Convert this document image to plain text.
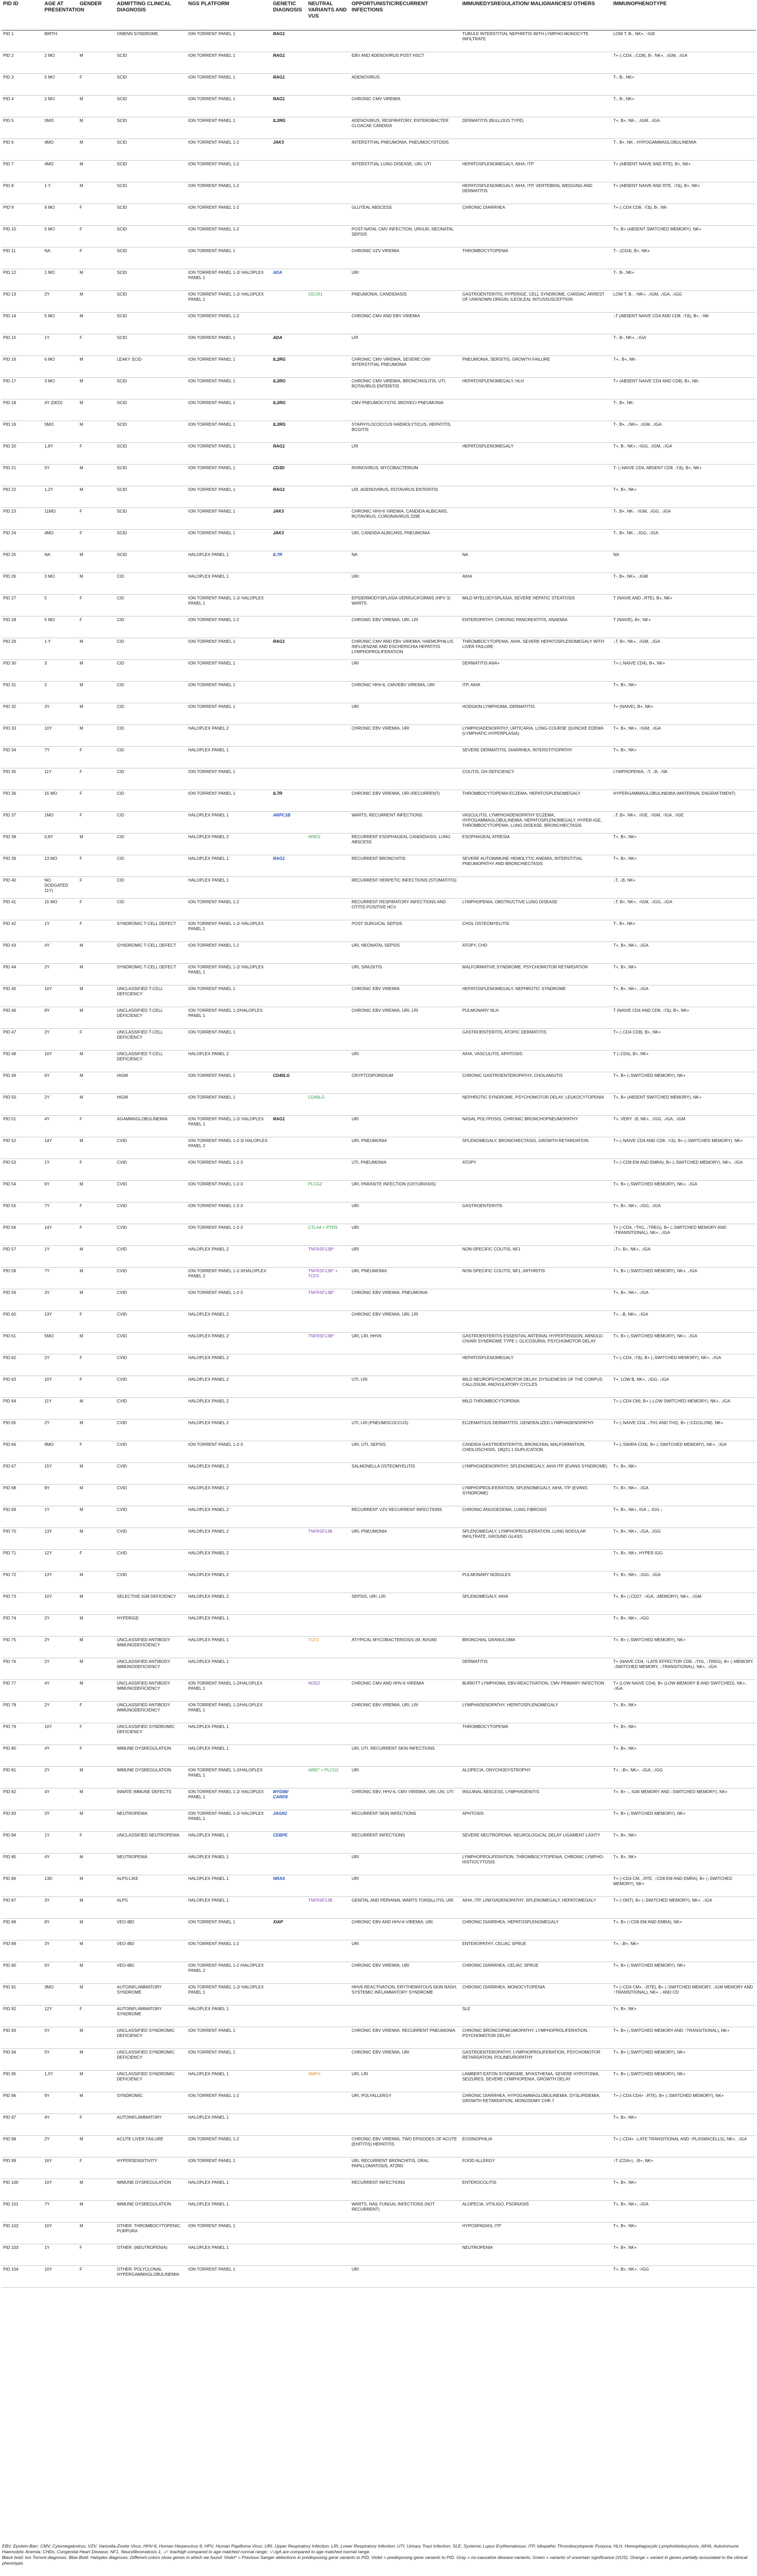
PID ID	AGE AT PRESENTATION	GENDER	ADMITTING CLINICAL DIAGNOSIS	NGS PLATFORM	GENETIC DIAGNOSIS	NEUTRAL VARIANTS AND VUS	OPPORTUNISTIC/RECURRENT INFECTIONS	IMMUNEDYSREGULATION/ MALIGNANCIES/ OTHERS	IMMUNOPHENOTYPE
PID 1	BIRTH		OMENN SYNDROME	ION TORRENT PANEL 1	RAG1			TUBULE INTERSTITIAL NEPHRITIS WITH LYMPHO-MONOCYTE INFILTRATE	LOW T, B-, NK+, ↑IGE
PID 2	2 MO	M	SCID	ION TORRENT PANEL 1	RAG1		EBV AND ADENOVIRUS POST HSCT		T+ (↓CD4, ↓CD8), B-, NK+, ↓IGM, ↓IGA
PID 3	5 MO	F	SCID	ION TORRENT PANEL 1	RAG1		ADENOVIRUS		T-, B-, NK+
PID 4	2 MO	M	SCID	ION TORRENT PANEL 1	RAG1		CHRONIC CMV VIREMIA		T-, B-, NK+
PID 5	5MO	M	SCID	ION TORRENT PANEL 1	IL2RG		ADENOVIRUS, RESPIRATORY, ENTEROBACTER CLOACAE CANDIDA	DERMATITIS (BULLOUS TYPE)	T+, B+, NK-, ↓IGM, ↓IGA
PID 6	4MO	M	SCID	ION TORRENT PANEL 1-2	JAK3		INTERSTITIAL PNEUMONIA, PNEUMOCYSTOSIS		T-, B+, NK-, HYPOGAMMAGLOBULINEMIA
PID 7	4MO	M	SCID	ION TORRENT PANEL 1-2			INTERSTITIAL LUNG DISEASE, URI, UTI	HEPATOSPLENOMEGALY, AIHA, ITP	T+ (ABSENT NAIVE AND RTE), B+, NK+
PID 8	1 Y	M	SCID	ION TORRENT PANEL 1-2				HEPATOSPLENOMEGALY, AIHA, ITP, VERTEBRAL WEDGING AND DERMATITIS	T+ (ABSENT NAIVE AND RTE, ↑ΓΔ), B+, NK+
PID 9	9 MO	F	SCID	ION TORRENT PANEL 1-2			GLUTEAL ABSCESS	CHRONIC DIARRHEA	T+ (↓CD4 CD8, ↑ΓΔ), B-, NK-
PID 10	5 MO	F	SCID	ION TORRENT PANEL 1-2			POST-NATAL CMV INFECTION, URI/LRI, NEONATAL SEPSIS		T+, B+ (ABSENT SWITCHED MEMORY), NK+
PID 11	NA	F	SCID	ION TORRENT PANEL 1			CHRONIC VZV VIREMIA	THROMBOCYTOPENIA	T- ↓(CD4), B+, NK+
PID 12	1 MO	M	SCID	ION TORRENT PANEL 1-2/ HALOPLEX PANEL 1	ADA		URI		T-, B-, NK+
PID 13	2Y	M	SCID	ION TORRENT PANEL 1-2/ HALOPLEX PANEL 1		CECR1	PNEUMONIA, CANDIDIASIS	GASTROENTERITIS, HYPERIGE, CELL SYNDROME, CARDIAC ARREST OF UNKNOWN ORIGIN, ILEOILEAL INTUSSUSCEPTION	LOW T, B-, ↑NK+, ↓IGM, ↓IGA, ↓IGG
PID 14	5 MO	M	SCID	ION TORRENT PANEL 1-2			CHRONIC CMV AND EBV VIREMIA		↓T (ABSENT NAIVE CD4 AND CD8, ↑ΓΔ), B+, ↑NK
PID 15	1Y	F	SCID	ION TORRENT PANEL 1	ADA		LRI		T-, B-, NK+, ↓IGA
PID 16	6 MO	M	LEAKY SCID	ION TORRENT PANEL 1	IL2RG		CHRONIC CMV VIREMIA, SEVERE CMV INTERSTITIAL PNEUMONIA	PNEUMONIA, SERSITIS, GROWTH FAILURE	T+↓ B+, NK-
PID 17	3 MO	M	SCID	ION TORRENT PANEL 1	IL2RG		CHRONIC CMV VIREMIA, BRONCHIOLITIS, UTI, ROTAVIRUS ENTERITIS	HEPATOSPLENOMEGALY, HLH	T+ (ABSENT NAIVE CD4 AND CD8), B+, NK-
PID 18	4Y (DED)	M	SCID	ION TORRENT PANEL 1	IL2RG		CMV PNEUMOCYSTIS JIROVECI PNEUMONIA		T-, B+, NK-
PID 19	5MO	M	SCID	ION TORRENT PANEL 1	IL2RG		STAPHYLOCOCCUS HAEMOLYTICUS, HEPATITIS, BCGITIS		T-, B+, ↓NK+, ↓IGM, ↓IGA
PID 20	1,8Y	F	SCID	ION TORRENT PANEL 1	RAG1		LRI	HEPATOSPLENOMEGALY	T+, B-, NK+, ↑IGG, ↓IGM, ↓IGA
PID 21	5Y	M	SCID	ION TORRENT PANEL 1	CD3D		RHINOVIRUS, MYCOBACTERIUM		T- (↓NAIVE CD4, ABSENT CD8, ↑ΓΔ), B+, NK+
PID 22	1,2Y	M	SCID	ION TORRENT PANEL 1	RAG1		LRI, ADENOVIRUS, ROTAVIRUS ENTERITIS		T+, B+, NK+
PID 23	11MO	F	SCID	ION TORRENT PANEL 1	JAK3		CHRONIC HHV-6 VIREMIA, CANDIDA ALBICANS, ROTAVIRUS, CORONAVIRUS 229E		T-, B+, NK-, ↑IGM, ↓IGG, ↓IGA
PID 24	4MO	F	SCID	ION TORRENT PANEL 1	JAK3		URI, CANDIDA ALBICANS, PNEUMONIA		T-, B+, NK-, ↓IGG, ↓IGA
PID 25	NA	M	SCID	HALOPLEX PANEL 1	IL7R		NA	NA	NA
PID 26	3 MO	M	CID	HALOPLEX PANEL 1			URI	AIHA	T-, B+, NK+, ↓IGM
PID 27	5	F	CID	ION TORRENT PANEL 1-2/ HALOPLEX PANEL 1			EPIDERMODYSPLASIA VERRUCIFORMIS (HPV 3) WARTS	MILD MYELODYSPLASIA, SEVERE HEPATIC STEATOSIS	T (NAIVE AND ↓RTE), B+, NK+
PID 28	5 MO	F	CID	ION TORRENT PANEL 1-2			CHRONIC EBV VIREMIA, URI, LRI	ENTEROPATHY, CHRONIC PANCREATITIS, ANAEMIA	T (NAIVE), B+, NK+
PID 29	1 Y	M	CID	ION TORRENT PANEL 1	RAG1		CHRONIC CMV AND EBV VIREMIA, HAEMOPHILUS INFLUENZAE AND ESCHERICHIA HEPATITIS LYMPHOPROLIFERATION	THROMBOCYTOPENIA, AIHA, SEVERE HEPATOSPLENOMEGALY WITH LIVER FAILURE	↓T, B+, NK+, ↓IGM, ↓IGA
PID 30	3	M	CID	ION TORRENT PANEL 1			URI	DERMATITIS ANA+	T+ (↓NAIVE CD4), B+, NK+
PID 31	2	M	CID	ION TORRENT PANEL 1			CHRONIC HHV-6, CMV/EBV VIREMIA, URI	ITP, AIHA	T+, B+, NK+
PID 32	3Y	M	CID	ION TORRENT PANEL 1			URI	HODGKIN LYMPHOMA, DERMATITIS	T+ (NAIVE), B+, NK+
PID 33	10Y	M	CID	HALOPLEX PANEL 2			CHRONIC EBV VIREMIA, URI	LYMPHOADENOPATHY, URTICARIA, LONG-COURSE QUINCKE EDEMA (LYMPHATIC HYPERPLASIA)	T+, B+, NK+, ↑IGM, ↓IGA
PID 34	7Y	F	CID	HALOPLEX PANEL 1				SEVERE DERMATITIS, DIARRHEA, INTERSTITIOPATHY	T+, B+, NK+
PID 35	11Y	F	CID	ION TORRENT PANEL 1				COLITIS, GH DEFICIENCY	LYMPHOPENIA, ↓T, ↓B, ↓NK
PID 36	15 MO	F	CID	ION TORRENT PANEL 1	IL7R		CHRONIC EBV VIREMIA, URI (RECURRENT)	THROMBOCYTOPENIA ECZEMA, HEPATOSPLENOMEGALY	HYPERGAMMAGLOBULINEMIA (MATERNAL ENGRAFTMENT)
PID 37	1MO	F	CID	HALOPLEX PANEL 1	ARPC1B		WARTS, RECURRENT INFECTIONS	VASCULITIS, LYMPHOADENOPATHY ECZEMA, HYPOGAMMAGLOBULINEMIA, HEPATOSPLENOMEGALY, HYPER-IGE, THROMBOCYTOPENIA, LUNG DISEASE, BRONCHIECTASIS	↓T, B+, NK+, ↑IGE, ↑IGM, ↑IGA, ↑IGE
PID 38	0,8Y	M	CID	HALOPLEX PANEL 2		ARID1	RECURRENT ESOPHAGEAL CANDIDIASIS, LUNG ABSCESS	ESOPHAGEAL ATRESIA	T+, B+, NK+
PID 39	13 MO	F	CID	HALOPLEX PANEL 1	RAG1		RECURRENT BRONCHITIS	SEVERE AUTOIMMUNE HEMOLYTIC ANEMIA, INTERSTITIAL PNEUMOPATHY AND BRONCHIECTASIS	T+, B+, NK+
PID 40	NO DODGATED 11Y)	F	CID	HALOPLEX PANEL 1			RECURRENT HERPETIC INFECTIONS (STOMATITIS)		↓T, ↓B, NK+
PID 41	15 MO	F	CID	ION TORRENT PANEL 1-2			RECURRENT RESPIRATORY INFECTIONS AND OTITIS POSITIVE HCV	LYMPHOPENIA, OBSTRUCTIVE LUNG DISEASE	↓T, B+, NK+, ↑IGM, ↓IGG, ↓IGA
PID 42	1Y	F	SYNDROMIC T-CELL DEFECT	ION TORRENT PANEL 1-2/ HALOPLEX PANEL 1			POST SURGICAL SEPSIS	CHOL OSTEOMYELITIS	T-, B+, NK+
PID 43	4Y	M	SYNDROMIC T-CELL DEFECT	ION TORRENT PANEL 1-2			URI, NEONATAL SEPSIS	ATOPY, CHD	T+, B+, NK+, ↓IGA
PID 44	2Y	M	SYNDROMIC T-CELL DEFECT	ION TORRENT PANEL 1-2/ HALOPLEX PANEL 1			URI, SINUSITIS	MALFORMATIVE SYNDROME, PSYCHOMOTOR RETARDATION	T+, B+, NK+
PID 45	10Y	M	UNCLASSIFIED T-CELL DEFICIENCY	ION TORRENT PANEL 1			CHRONIC EBV VIREMIA	HEPATOSPLENOMEGALY, NEPHROTIC SYNDROME	T+, B+, NK+, ↓IGA
PID 46	8Y	M	UNCLASSIFIED T-CELL DEFICIENCY	ION TORRENT PANEL 1-2/HALOPLEX PANEL 1			CHRONIC EBV VIREMIA, URI, LRI	PULMONARY NLH	T (NAIVE CD4 AND CD8, ↑ΓΔ), B+, NK+
PID 47	2Y	F	UNCLASSIFIED T-CELL DEFICIENCY	ION TORRENT PANEL 1				GASTROENTERITIS, ATOPIC DERMATITIS	T+ (↓CD4 CD8), B+, NK+
PID 48	10Y	M	UNCLASSIFIED T-CELL DEFICIENCY	HALOPLEX PANEL 2			URI	AIHA, VASCULITIS, APHTOSIS	T (↓CD4), B+, NK+
PID 49	6Y	M	HIGM	ION TORRENT PANEL 1	CD40LG		CRYPTOSPORIDIUM	CHRONIC GASTROENTEROPATHY, CHOLANGITIS	T+, B+ (↓SWITCHED MEMORY), NK+
PID 50	2Y	M	HIGM	ION TORRENT PANEL 1		CD40LG		NEPHROTIC SYNDROME, PSYCHOMOTOR DELAY, LEUKOCYTOPENIA	T+, B+ (ABSENT SWITCHED MEMORY), NK+
PID 51	4Y	F	AGAMMAGLOBULINEMIA	ION TORRENT PANEL 1-2/ HALOPLEX PANEL 1	RAG1		URI	NASAL POLYPOSIS, CHRONIC BRONCHOPNEUMOPATHY	T+, VERY ↓B, NK+, ↓IGG, ↓IGA, ↓IGM
PID 52	14Y	M	CVID	ION TORRENT PANEL 1-2-3/ HALOPLEX PANEL 2			URI, PNEUMONIA	SPLENOMEGALY, BRONCHIECTASIS, GROWTH RETARDATION	T+ (↓NAIVE CD4 AND CD8, ↑ΓΔ), B+ (↓SWITCHED MEMORY), NK+
PID 53	1Y	F	CVID	ION TORRENT PANEL 1-2-3			UTI, PNEUMONIA	ATOPY	T+ (↑CD8 EM AND EMRA), B+ (↓SWITCHED MEMORY), NK+, ↓IGA
PID 54	6Y	M	CVID	ION TORRENT PANEL 1-2-3		PLCG2	URI, PARASITE INFECTION (OXYURIASIS)		T+, B+ (↓SWITCHED MEMORY), NK+, ↓IGA
PID 55	7Y	F	CVID	ION TORRENT PANEL 1-2-3			URI	GASTROENTERITIS	T+, B+, NK+, ↓IGG, ↓IGA
PID 56	14Y	F	CVID	ION TORRENT PANEL 1-2-3		CTLA4 + PTEN	URI		T+ (↑CD4, ↑TH1, ↓TREG), B+ (↓SWITCHED MEMORY AND ↑TRANSITIONAL), NK+, ↓IGA
PID 57	1Y	M	CVID	HALOPLEX PANEL 2		TNFRSF13B*	URI	NON-SPECIFIC COLITIS, NF1	↓T+, B+, NK+, ↓IGA
PID 58	7Y	M	CVID	ION TORRENT PANEL 1-2-3/HALOPLEX PANEL 2		TNFRSF13B* + TCF3	URI, PNEUMONIA	NON-SPECIFIC COLITIS, NF1, ARTHRITIS	T+, B+ (↓SWITCHED MEMORY), NK+, ↓IGA
PID 59	3Y	M	CVID	ION TORRENT PANEL 1-2-3		TNFRSF13B*	CHRONIC EBV VIREMIA, PNEUMONIA		T+, B+, NK+, ↓IGA
PID 60	13Y	F	CVID	HALOPLEX PANEL 2			CHRONIC EBV VIREMIA, URI, LRI		T+, ↓B, NK+, ↓IGA
PID 61	5MO	M	CVID	HALOPLEX PANEL 2		TNFRSF13B*	URI, LRI, HHV6	GASTROENTERITIS ESSENTIAL ARTERIAL HYPERTENSION, ARNOLD-CHIARI SYNDROME TYPE I, GLICOSURIA, PSYCHOMOTOR DELAY	T+, B+ (↓SWITCHED MEMORY), NK+, ↓IGA
PID 62	2Y	F	CVID	HALOPLEX PANEL 2				HEPATOSPLENOMEGALY	T+ (↓CD4, ↑ΓΔ), B+ (↓SWITCHED MEMORY), NK+, ↓IGA
PID 63	10Y	F	CVID	HALOPLEX PANEL 2			UTI, LRI	MILD NEUROPSYCHOMOTOR DELAY, DYSGENESIS OF THE CORPUS CALLOSUM, ANOVULATORY CYCLES	T+, LOW B, NK+, ↓IGG, ↓IGA
PID 64	11Y	M	CVID	HALOPLEX PANEL 2				MILD THROMBOCYTOPENIA	T+ (↓CD4 CM), B+ (↓LOW SWITCHED MEMORY), NK+, ↓IGA
PID 65	2Y	M	CVID	HALOPLEX PANEL 2			UTI, LRI (PNEUMOCOCCUS)	ECZEMATOUS DERMATITIS, GENERALIZED LYMPHADENOPATHY	T+ (↓NAIVE CD4, ↓TH1 AND TH2), B+ (↑CD21LOW), NK+
PID 66	9MO	F	CVID	ION TORRENT PANEL 1-2-3			URI, UTI, SEPSIS	CANDIDA GASTROENTERITIS, BRONCHIAL MALFORMATION, CHEILOSCHISIS, 18Q21.1 DUPLICATION	T+ (↓SWIRA CD4), B+ (↓SWITCHED MEMORY), NK+, ↓IGA
PID 67	15Y	M	CVID	HALOPLEX PANEL 2			SALMONELLA OSTEOMYELITIS	LYMPHOADENOPATHY, SPLENOMEGALY, AIHA ITP (EVANS SYNDROME)	T+, B+, NK+
PID 68	9Y	M	CVID	HALOPLEX PANEL 2				LYMPHOPROLIFERATION, SPLENOMEGALY, AIHA, ITP (EVANS SYNDROME)	T+, B+, NK+, ↓IGA
PID 69	1Y	M	CVID	HALOPLEX PANEL 2			RECURRENT VZV RECURRENT INFECTIONS	CHRONIC ANGIOEDEMA, LUNG FIBROSIS	T+, B+, NK+, IGA ↓, IGG ↓
PID 70	13Y	M	CVID	HALOPLEX PANEL 2		TNFRSF13B	URI, PNEUMONIA	SPLENOMEGALY, LYMPHOPROLIFERATION, LUNG NODULAR INFILTRATE, GROUND GLASS	T+, B+, NK+, ↓IGA, ↓IGG
PID 71	12Y	F	CVID	HALOPLEX PANEL 2					T+, B+, NK+, HYPER IGG
PID 72	13Y	M	CVID	HALOPLEX PANEL 2				PULMONARY NODULES	T+, B+, NK+, ↓IGG, ↓IGA
PID 73	10Y	M	SELECTIVE IGM DEFICIENCY	HALOPLEX PANEL 2			SEPSIS, URI, LRI	SPLENOMEGALY, AIHA	T+, B+ (↓CD27, ↑IGA, ↓MEMORY), NK+, ↓IGM
PID 74	2Y	M	HYPERIGE	HALOPLEX PANEL 1					T+, B+, NK+, ↓IGG
PID 75	2Y	M	UNCLASSIFIED ANTIBODY IMMUNODEFICIENCY	HALOPLEX PANEL 1		TCF3	ATYPICAL MYCOBACTERIOSIS (M. AVIUM)	BRONCHIAL GRANULOMA	T+, B+ (↓SWITCHED MEMORY), NK+
PID 76	2Y	M	UNCLASSIFIED ANTIBODY IMMUNODEFICIENCY	HALOPLEX PANEL 1				DERMATITIS	T+ (NAIVE CD4, ↑LATE EFFECTOR CD8, ↓TH1, ↓TREG), B+ (↓MEMORY, ↓SWITCHED MEMORY, ↓TRANSITIONAL), NK+, ↓IGA
PID 77	4Y	M	UNCLASSIFIED ANTIBODY IMMUNODEFICIENCY	ION TORRENT PANEL 1-2/HALOPLEX PANEL 1		NOD2	CHRONIC CMV AND HHV-6 VIREMIA	BURKITT LYMPHOMA, EBV-REACTIVATION, CMV PRIMARY INFECTION	T+ (LOW NAIVE CD4), B+ (LOW MEMORY B AND SWITCHED), NK+, ↓IGA
PID 78	2Y	F	UNCLASSIFIED ANTIBODY IMMUNODEFICIENCY	ION TORRENT PANEL 1-2/HALOPLEX PANEL 1			CHRONIC EBV VIREMIA, URI, LRI	LYMPHADENOPATHY, HEPATOSPLENOMEGALY	T+, B+, NK+
PID 79	10Y	F	UNCLASSIFIED SYNDROMIC DEFICIENCY	HALOPLEX PANEL 1				THROMBOCYTOPENIA	T+, B+, NK+
PID 80	4Y	F	IMMUNE DYSREGULATION	HALOPLEX PANEL 1			URI, UTI, RECURRENT SKIN INFECTIONS		T+, B+, NK+
PID 81	2Y	M	IMMUNE DYSREGULATION	ION TORRENT PANEL 1-2/HALOPLEX PANEL 1		AIRE* + PLCG2	URI	ALOPECIA, ONYCHODYSTROPHY	T+, ↓B+, NK+, ↓IGA, ↓IGG
PID 82	4Y	M	INNATE IMMUNE DEFECTS	ION TORRENT PANEL 1-2/ HALOPLEX PANEL 1	MYD88/ CARD9		CHRONIC EBV, HHV-6, CMV VIREMIA, URI, LRI, UTI	INGUINAL ABSCESS, LYMPHADENITIS	T+, B+ ↓, IGM MEMORY AND ↓SWITCHED MEMORY), NK+
PID 83	3Y	M	NEUTROPENIA	ION TORRENT PANEL 1-2/ HALOPLEX PANEL 1	JAGN1		RECURRENT SKIN INFECTIONS	APHTOSIS	T+, B+ (↓SWITCHED MEMORY), NK+
PID 84	1Y	F	UNCLASSIFIED NEUTROPENIA	HALOPLEX PANEL 1	CEBPE		RECURRENT INFECTIONS	SEVERE NEUTROPENIA, NEUROLOGICAL DELAY LIGAMENT LAXITY	T+, B+, NK+
PID 85	4Y	M	NEUTROPENIA	HALOPLEX PANEL 1			URI	LYMPHOPROLIFERATION, THROMBOCYTOPENIA, CHRONIC LYMPHO-HISTIOCYTOSIS	T+, B+, NK+
PID 86	13D	M	ALPS-LIKE	HALOPLEX PANEL 1	NRAS		URI		T+ (↑CD4 CM, ↓RTE, ↑CD8 EM AND EMRA), B+ (↓SWITCHED MEMORY), NK+
PID 87	3Y	M	ALPS	HALOPLEX PANEL 1		TNFRSF13B	GENITAL AND PERIANAL WARTS TONSILLITIS, URI	AIHA, ITP, LINFOADENOPATHY, SPLENOMEGALY, HEPATOMEGALY	T+ (↑DNT), B+ (↓SWITCHED MEMORY), NK+, ↓IGA
PID 88	8Y	M	VEO-IBD	ION TORRENT PANEL 1	XIAP		CHRONIC EBV AND HHV-6 VIREMIA, URI	CHRONIC DIARRHEA, HEPATOSPLENOMEGALY	T+, B+ (↑CD8 EM AND EMRA), NK+
PID 89	3Y	M	VEO-IBD	ION TORRENT PANEL 1-2			URI	ENTEROPATHY, CELIAC SPRUE	T+, ↓B+, NK+
PID 90	6Y	M	VEO-IBD	ION TORRENT PANEL 1-2 /HALOPLEX PANEL 2			CHRONIC EBV VIREMIA, URI	CHRONIC DIARRHEA, CELIAC SPRUE	T+, B+ (↓SWITCHED MEMORY), NK+
PID 91	3MO	M	AUTOINFLAMMATORY SYNDROME	ION TORRENT PANEL 1-2/ HALOPLEX PANEL 1			HHV6 REACTIVATION, ERYTHEMATOUS SKIN RASH, SYSTEMIC INFLAMMATORY SYNDROME	CHRONIC DIARRHEA, MONOCYTOPENIA	T+ (↑CD4 CM+, ↓RTE), B+ (↓SWITCHED MEMORY, ↓IGM MEMORY AND ↑TRANSITIONAL), NK+ ↓ AND CD
PID 92	12Y	F	AUTOINFLAMMATORY SYNDROME	HALOPLEX PANEL 1				SLE	T+, B+, NK+
PID 93	5Y	M	UNCLASSIFIED SYNDROMIC DEFICIENCY	ION TORRENT PANEL 1			CHRONIC EBV VIREMIA, RECURRENT PNEUMONIA	CHRONIC BRONCOPNEUMOPATHY, LYMPHOPROLIFERATION, PSYCHOMOTOR DELAY	T+, B+ (↓SWITCHED MEMORY AND ↑TRANSITIONAL), NK+
PID 94	5Y	M	UNCLASSIFIED SYNDROMIC DEFICIENCY	ION TORRENT PANEL 1			CHRONIC EBV VIREMIA, URI	GASTROENTEROPATHY, LYMPHOPROLIFERATION, PSYCHOMOTOR RETARDATION, POLINEUROPATHY	T+, B+ (↓SWITCHED MEMORY), NK+
PID 95	1,5Y	M	UNCLASSIFIED SYNDROMIC DEFICIENCY	HALOPLEX PANEL 1		SMPH	URI, LRI	LAMBERT-EATON SYNDROME, MYASTHENIA, SEVERE HYPOTONIA, SEIZURES, SEVERE LYMPHOPENIA, GROWTH DELAY	T+, B+ (↓SWITCHED MEMORY), NK+
PID 96	9Y	M	SYNDROMIC	ION TORRENT PANEL 1-2			URI, POLYALLERGY	CHRONIC DIARRHEA, HYPOGAMMAGLOBULINEMIA, DYSLIPIDEMIA, GROWTH RETARDATION, MONOSOMY CHR 7	T+ (↑CD4 CD4+ ↓RTE), B+ (↓SWITCHED MEMORY), NK+
PID 97	4Y	F	AUTOINFLAMMATORY	HALOPLEX PANEL 1					T+, B+, NK+
PID 98	2Y	M	ACUTE LIVER FAILURE	ION TORRENT PANEL 1-2			CHRONIC EBV VIREMIA, TWO EPISODES OF ACUTE (EHITITIS) HEPATITIS	EOSINOPHILIA	T+ (↓CD4+ ↓LATE TRANSITIONAL AND ↑PLASMACELLS), NK+, ↓IGA
PID 99	16Y	F	HYPERSENSITIVITY	ION TORRENT PANEL 1			URI, RECURRENT BRONCHITIS, ORAL PAPILLOMATOSIS, AT2RD	FOOD ALLERGY	↑T (CD4+), ↓B+, NK+
PID 100	10Y	M	IMMUNE DYSREGULATION	HALOPLEX PANEL 1			RECURRENT INFECTIONS	ENTEROCOLITIS	T+, B+, NK+
PID 101	7Y	M	IMMUNE DYSREGULATION	HALOPLEX PANEL 1			WARTS, NAIL FUNGAL INFECTIONS (NOT RECURRENT)	ALOPECIA, VITILIGO, PSORIASIS	T+, B+, NK+, ↓IGA
PID 102	10Y	M	OTHER: THROMBOCYTOPENIC PURPURA	ION TORRENT PANEL 1				HYPOSPADIAS, ITP	T+, B+, NK+
PID 103	1Y	F	OTHER: (NEUTROPENIA)	HALOPLEX PANEL 1				NEUTROPENIA	T+, B+, NK+
PID 104	10Y	F	OTHER: POLYCLONAL HYPERGAMMAGLOBULINEMIA	ION TORRENT PANEL 1			URI		T+, B+, NK+, ↑IGG
EBV, Epstein-Barr; CMV, Cytomegalovirus; VZV, Varicella-Zoster Virus; HHV-6, Human Herpesvirus 6; HPV, Human Papilloma Virus; URI, Upper Respiratory Infection; LRI, Lower Respiratory Infection; UTI, Urinary Tract Infection; SLE, Systemic Lupus Erythematosus; ITP, Idiopathic Thrombocytopenic Purpura; HLH, Hemophagocytic Lymphohistiocytosis; AIHA, Autoimmune Haemolytic Anemia; CHDs, Congenital Heart Disease; NF1, Neurofibromatosis 1; ↓/↑ low/high compared to age matched normal range; ↑/↓IgA are compared to age matched normal range.
Black bold: Ion Torrent diagnosis. Blue Bold: Haloplex diagnosis. Different colors show genes in which we found: Violet* = Previous Sanger detections in predisposing gene variants to PID; Violet = predisposing gene variants to PID. Gray = no-causative disease-variants; Green = variants of uncertain significance (VUS). Orange = variant in genes partially associated to the clinical phenotype.
